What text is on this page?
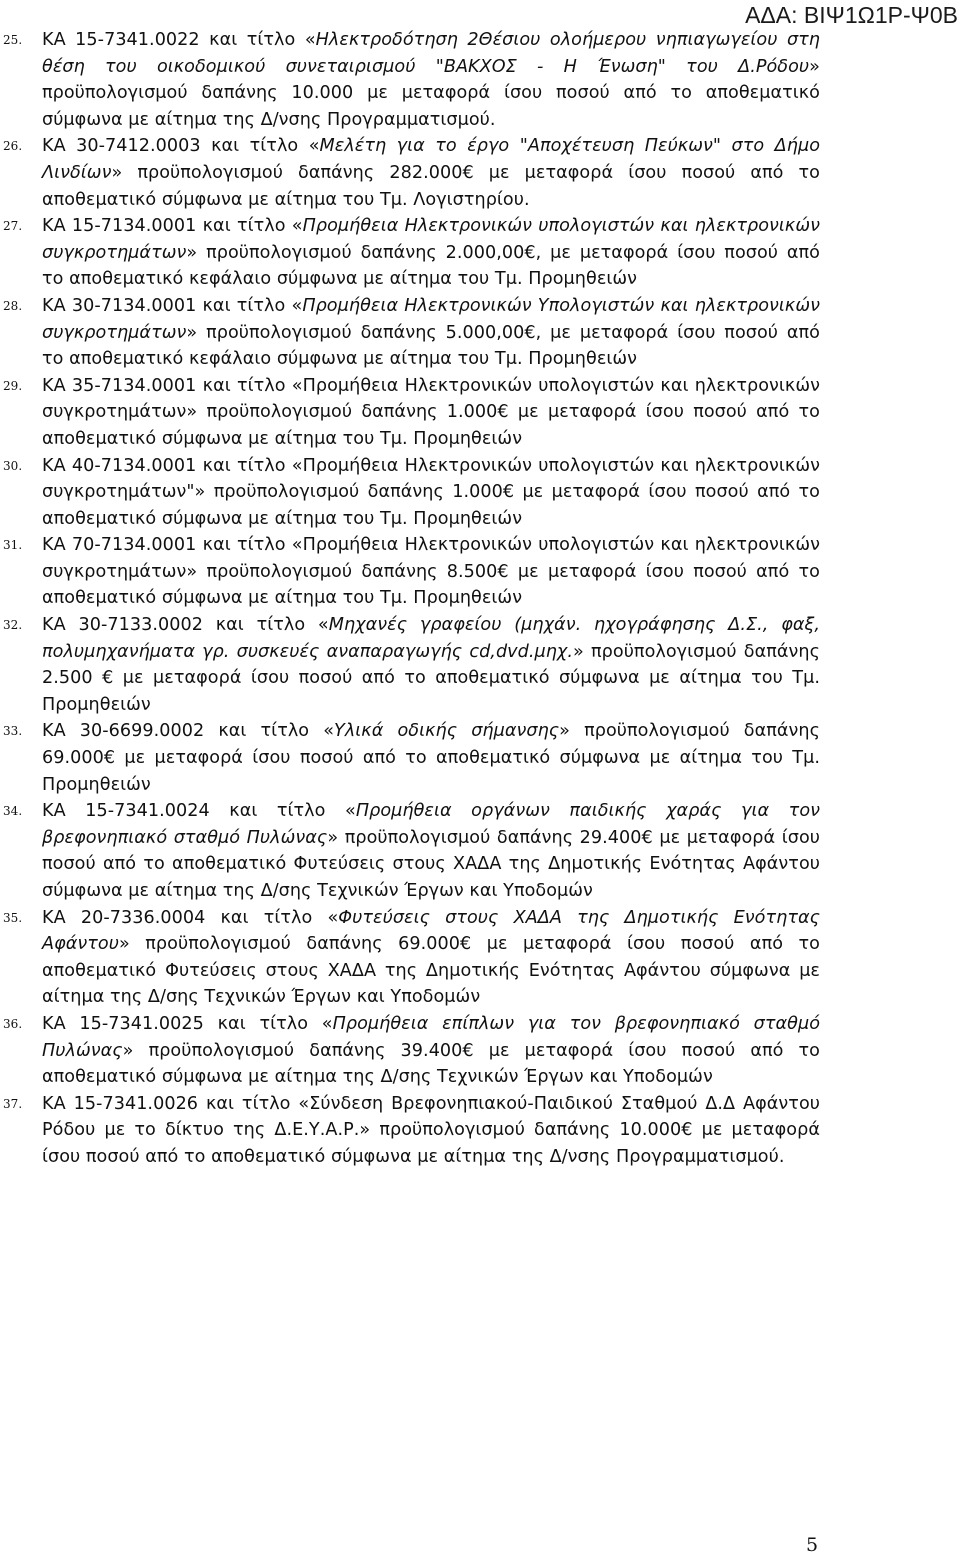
ΑΔΑ: ΒΙΨ1Ω1Ρ-Ψ0Β
25. ΚΑ 15-7341.0022 και τίτλο «Ηλεκτροδότηση 2Θέσιου ολοήμερου νηπιαγωγείου στη θέση του οικοδομικού συνεταιρισμού "ΒΑΚΧΟΣ - Η Ένωση" του Δ.Ρόδου» προϋπολογισμού δαπάνης 10.000 με μεταφορά ίσου ποσού από το αποθεματικό σύμφωνα με αίτημα της Δ/νσης Προγραμματισμού.
26. ΚΑ 30-7412.0003 και τίτλο «Μελέτη για το έργο "Αποχέτευση Πεύκων" στο Δήμο Λινδίων» προϋπολογισμού δαπάνης 282.000€ με μεταφορά ίσου ποσού από το αποθεματικό σύμφωνα με αίτημα του Τμ. Λογιστηρίου.
27. ΚΑ 15-7134.0001 και τίτλο «Προμήθεια Ηλεκτρονικών υπολογιστών και ηλεκτρονικών συγκροτημάτων» προϋπολογισμού δαπάνης 2.000,00€, με μεταφορά ίσου ποσού από το αποθεματικό κεφάλαιο σύμφωνα με αίτημα του Τμ. Προμηθειών
28. ΚΑ 30-7134.0001 και τίτλο «Προμήθεια Ηλεκτρονικών Υπολογιστών και ηλεκτρονικών συγκροτημάτων» προϋπολογισμού δαπάνης 5.000,00€, με μεταφορά ίσου ποσού από το αποθεματικό κεφάλαιο σύμφωνα με αίτημα του Τμ. Προμηθειών
29. ΚΑ 35-7134.0001 και τίτλο «Προμήθεια Ηλεκτρονικών υπολογιστών και ηλεκτρονικών συγκροτημάτων» προϋπολογισμού δαπάνης 1.000€ με μεταφορά ίσου ποσού από το αποθεματικό σύμφωνα με αίτημα του Τμ. Προμηθειών
30. ΚΑ 40-7134.0001 και τίτλο «Προμήθεια Ηλεκτρονικών υπολογιστών και ηλεκτρονικών συγκροτημάτων"» προϋπολογισμού δαπάνης 1.000€ με μεταφορά ίσου ποσού από το αποθεματικό σύμφωνα με αίτημα του Τμ. Προμηθειών
31. ΚΑ 70-7134.0001 και τίτλο «Προμήθεια Ηλεκτρονικών υπολογιστών και ηλεκτρονικών συγκροτημάτων» προϋπολογισμού δαπάνης 8.500€ με μεταφορά ίσου ποσού από το αποθεματικό σύμφωνα με αίτημα του Τμ. Προμηθειών
32. ΚΑ 30-7133.0002 και τίτλο «Μηχανές γραφείου (μηχάν. ηχογράφησης Δ.Σ., φαξ, πολυμηχανήματα γρ. συσκευές αναπαραγωγής cd,dvd.μηχ.» προϋπολογισμού δαπάνης 2.500 € με μεταφορά ίσου ποσού από το αποθεματικό σύμφωνα με αίτημα του Τμ. Προμηθειών
33. ΚΑ 30-6699.0002 και τίτλο «Υλικά οδικής σήμανσης» προϋπολογισμού δαπάνης 69.000€ με μεταφορά ίσου ποσού από το αποθεματικό σύμφωνα με αίτημα του Τμ. Προμηθειών
34. ΚΑ 15-7341.0024 και τίτλο «Προμήθεια οργάνων παιδικής χαράς για τον βρεφονηπιακό σταθμό Πυλώνας» προϋπολογισμού δαπάνης 29.400€ με μεταφορά ίσου ποσού από το αποθεματικό Φυτεύσεις στους ΧΑΔΑ της Δημοτικής Ενότητας Αφάντου σύμφωνα με αίτημα της Δ/σης Τεχνικών Έργων και Υποδομών
35. ΚΑ 20-7336.0004 και τίτλο «Φυτεύσεις στους ΧΑΔΑ της Δημοτικής Ενότητας Αφάντου» προϋπολογισμού δαπάνης 69.000€ με μεταφορά ίσου ποσού από το αποθεματικό Φυτεύσεις στους ΧΑΔΑ της Δημοτικής Ενότητας Αφάντου σύμφωνα με αίτημα της Δ/σης Τεχνικών Έργων και Υποδομών
36. ΚΑ 15-7341.0025 και τίτλο «Προμήθεια επίπλων για τον βρεφονηπιακό σταθμό Πυλώνας» προϋπολογισμού δαπάνης 39.400€ με μεταφορά ίσου ποσού από το αποθεματικό σύμφωνα με αίτημα της Δ/σης Τεχνικών Έργων και Υποδομών
37. ΚΑ 15-7341.0026 και τίτλο «Σύνδεση Βρεφονηπιακού-Παιδικού Σταθμού Δ.Δ Αφάντου Ρόδου με το δίκτυο της Δ.Ε.Υ.Α.Ρ.» προϋπολογισμού δαπάνης 10.000€ με μεταφορά ίσου ποσού από το αποθεματικό σύμφωνα με αίτημα της Δ/νσης Προγραμματισμού.
5
